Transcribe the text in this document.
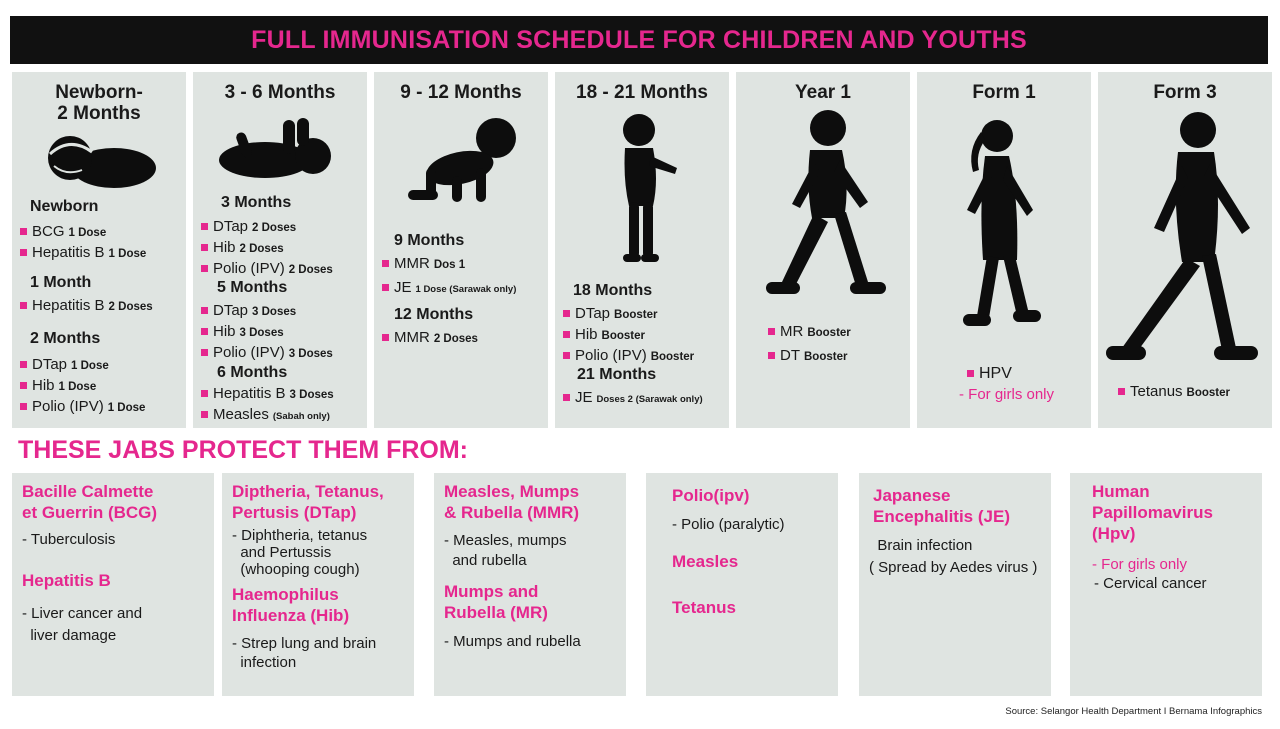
FULL IMMUNISATION SCHEDULE FOR CHILDREN AND YOUTHS
Newborn-
2 Months
Newborn
BCG 1 Dose
Hepatitis B 1 Dose
1 Month
Hepatitis B 2 Doses
2 Months
DTap 1 Dose
Hib 1 Dose
Polio (IPV) 1 Dose
3 - 6 Months
3 Months
DTap 2 Doses
Hib 2 Doses
Polio (IPV) 2 Doses
5 Months
DTap 3 Doses
Hib 3 Doses
Polio (IPV) 3 Doses
6 Months
Hepatitis B 3 Doses
Measles (Sabah only)
9 - 12 Months
9 Months
MMR Dos 1
JE 1 Dose (Sarawak only)
12 Months
MMR 2 Doses
18 - 21 Months
18 Months
DTap Booster
Hib Booster
Polio (IPV) Booster
21 Months
JE Doses 2 (Sarawak only)
Year 1
MR Booster
DT Booster
Form 1
HPV
- For girls only
Form 3
Tetanus Booster
THESE JABS PROTECT THEM FROM:
Bacille Calmette
et Guerrin (BCG)
- Tuberculosis
Hepatitis B
- Liver cancer and
liver damage
Diptheria, Tetanus,
Pertusis (DTap)
- Diphtheria, tetanus
and Pertussis
(whooping cough)
Haemophilus
Influenza (Hib)
- Strep lung and brain
infection
Measles, Mumps
& Rubella (MMR)
- Measles, mumps
and rubella
Mumps and
Rubella (MR)
- Mumps and rubella
Polio(ipv)
- Polio (paralytic)
Measles
Tetanus
Japanese
Encephalitis (JE)
Brain infection
( Spread by Aedes virus )
Human
Papillomavirus
(Hpv)
- For girls only
- Cervical cancer
Source: Selangor Health Department I Bernama Infographics
